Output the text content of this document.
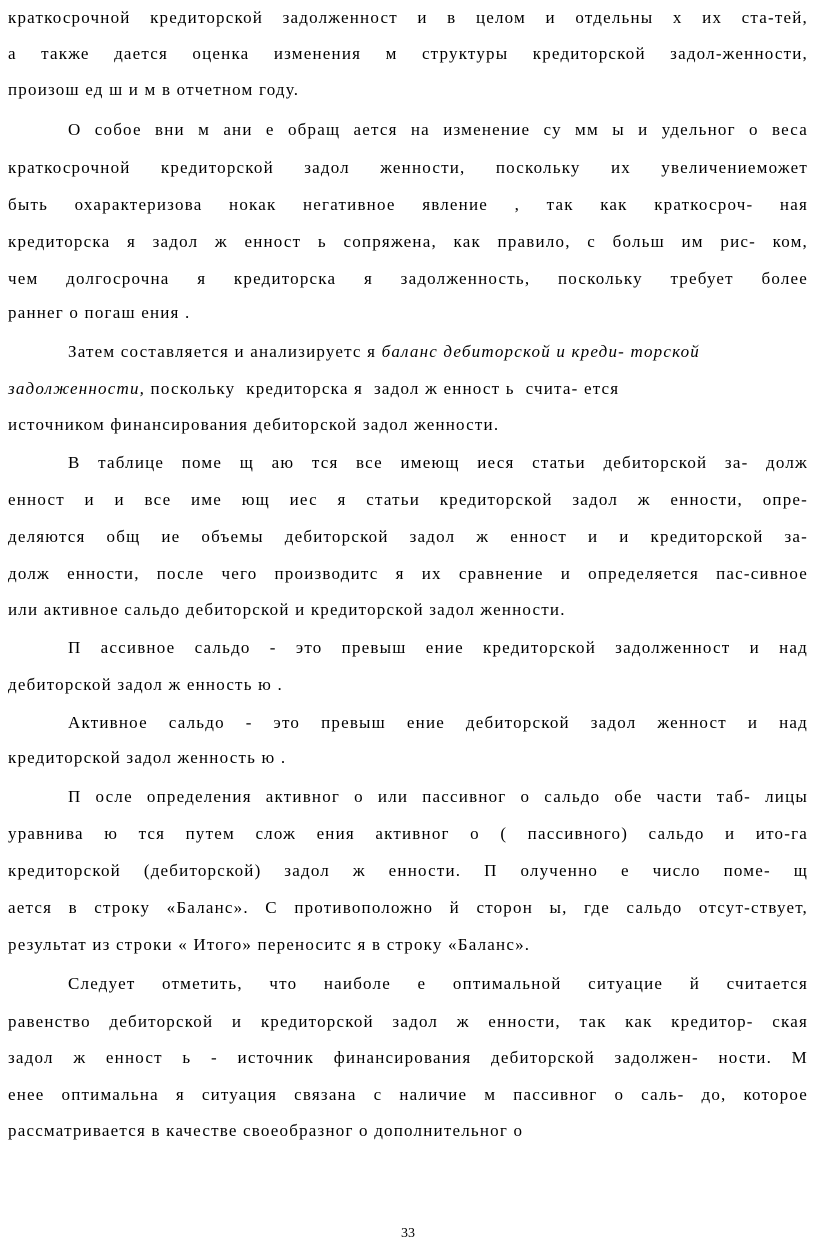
краткосрочной кредиторской задолженност и в целом и отдельны х их ста-тей,
а также дается оценка изменения м структуры кредиторской задол-женности,
произош ед ш и м в отчетном году.
О собое вни м ани е обращ ается на изменение су мм ы и удельног о веса
краткосрочной кредиторской задол женности, поскольку их увеличениеможет
быть охарактеризова нокак негативное явление , так как краткосроч- ная
кредиторска я задол ж енност ь сопряжена, как правило, с больш им рис- ком,
чем долгосрочна я кредиторска я задолженность, поскольку требует более
раннег о погаш ения .
Затем составляется и анализируетс я баланс дебиторской и креди- торской
задолженности, поскольку  кредиторска я  задол ж енност ь  счита- ется
источником финансирования дебиторской задол женности.
В таблице поме щ аю тся все имеющ иеся статьи дебиторской за- долж
енност и и все име ющ иес я статьи кредиторской задол ж енности, опре-
деляются общ ие объемы дебиторской задол ж енност и и кредиторской за-
долж енности, после чего производитс я их сравнение и определяется пас-сивное
или активное сальдо дебиторской и кредиторской задол женности.
П ассивное сальдо - это превыш ение кредиторской задолженност и над
дебиторской задол ж енность ю .
Активное сальдо - это превыш ение дебиторской задол женност и над
кредиторской задол женность ю .
П осле определения активног о или пассивног о сальдо обе части таб- лицы
уравнива ю тся путем слож ения активног о ( пассивного) сальдо и ито-га
кредиторской (дебиторской) задол ж енности. П олученно е число поме- щ
ается в строку «Баланс». С противоположно й сторон ы, где сальдо отсут-ствует,
результат из строки « Итого» переноситс я в строку «Баланс».
Следует отметить, что наиболе е оптимальной ситуацие й считается
равенство дебиторской и кредиторской задол ж енности, так как кредитор- ская
задол ж енност ь - источник финансирования дебиторской задолжен- ности. М
енее оптимальна я ситуация связана с наличие м пассивног о саль- до, которое
рассматривается в качестве своеобразног о дополнительног о
33
